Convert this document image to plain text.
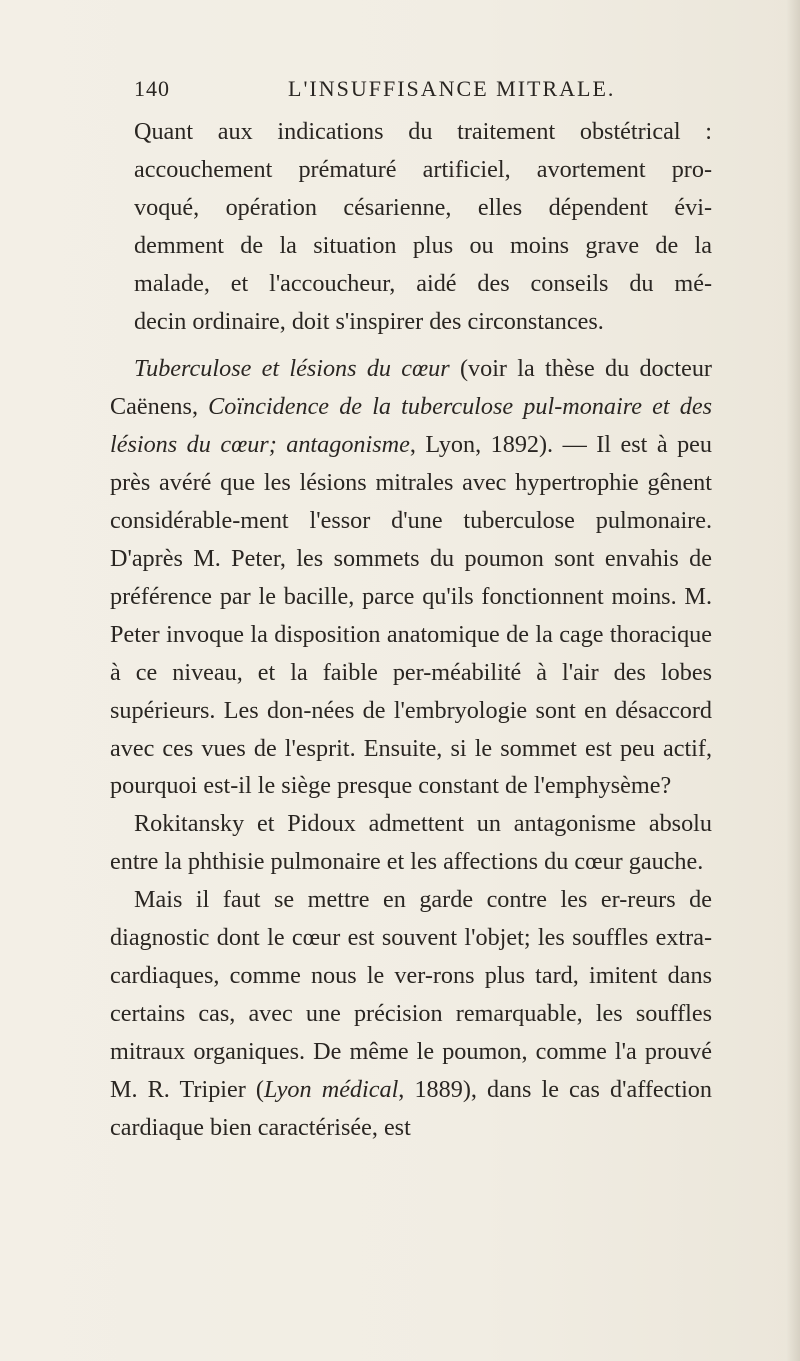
140	L'INSUFFISANCE MITRALE.

Quant aux indications du traitement obstétrical :
accouchement prématuré artificiel, avortement pro-
voqué, opération césarienne, elles dépendent évi-
demment de la situation plus ou moins grave de la
malade, et l'accoucheur, aidé des conseils du mé-
decin ordinaire, doit s'inspirer des circonstances.

Tuberculose et lésions du cœur (voir la thèse du docteur Caënens, Coïncidence de la tuberculose pul-monaire et des lésions du cœur; antagonisme, Lyon, 1892). — Il est à peu près avéré que les lésions mitrales avec hypertrophie gênent considérable-ment l'essor d'une tuberculose pulmonaire. D'après M. Peter, les sommets du poumon sont envahis de préférence par le bacille, parce qu'ils fonctionnent moins. M. Peter invoque la disposition anatomique de la cage thoracique à ce niveau, et la faible per-méabilité à l'air des lobes supérieurs. Les don-nées de l'embryologie sont en désaccord avec ces vues de l'esprit. Ensuite, si le sommet est peu actif, pourquoi est-il le siège presque constant de l'emphysème?

Rokitansky et Pidoux admettent un antagonisme absolu entre la phthisie pulmonaire et les affections du cœur gauche.

Mais il faut se mettre en garde contre les er-reurs de diagnostic dont le cœur est souvent l'objet; les souffles extra-cardiaques, comme nous le ver-rons plus tard, imitent dans certains cas, avec une précision remarquable, les souffles mitraux organiques. De même le poumon, comme l'a prouvé M. R. Tripier (Lyon médical, 1889), dans le cas d'affection cardiaque bien caractérisée, est
